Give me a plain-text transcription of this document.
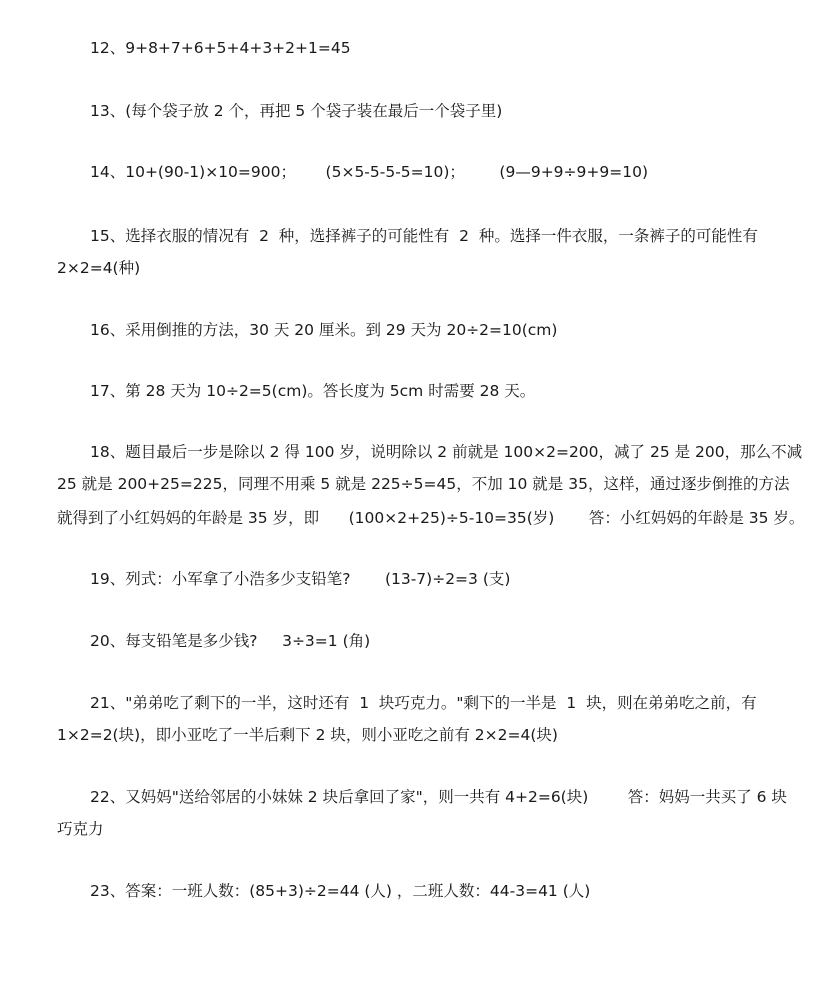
12、9+8+7+6+5+4+3+2+1=45

13、(每个袋子放 2 个，再把 5 个袋子装在最后一个袋子里)

14、10+(90-1)×10=900；      (5×5-5-5-5=10)；       (9—9+9÷9+9=10)

15、选择衣服的情况有  2  种，选择裤子的可能性有  2  种。选择一件衣服，一条裤子的可能性有

2×2=4(种)

16、采用倒推的方法，30 天 20 厘米。到 29 天为 20÷2=10(cm)

17、第 28 天为 10÷2=5(cm)。答长度为 5cm 时需要 28 天。

18、题目最后一步是除以 2 得 100 岁，说明除以 2 前就是 100×2=200，减了 25 是 200，那么不减

25 就是 200+25=225，同理不用乘 5 就是 225÷5=45，不加 10 就是 35，这样，通过逐步倒推的方法

就得到了小红妈妈的年龄是 35 岁，即      (100×2+25)÷5-10=35(岁)       答：小红妈妈的年龄是 35 岁。

19、列式：小军拿了小浩多少支铅笔?       (13-7)÷2=3 (支)

20、每支铅笔是多少钱?     3÷3=1 (角)

21、"弟弟吃了剩下的一半，这时还有  1  块巧克力。"剩下的一半是  1  块，则在弟弟吃之前，有

1×2=2(块)，即小亚吃了一半后剩下 2 块，则小亚吃之前有 2×2=4(块)

22、又妈妈"送给邻居的小妹妹 2 块后拿回了家"，则一共有 4+2=6(块)        答：妈妈一共买了 6 块

巧克力

23、答案：一班人数：(85+3)÷2=44 (人) ，二班人数：44-3=41 (人)
